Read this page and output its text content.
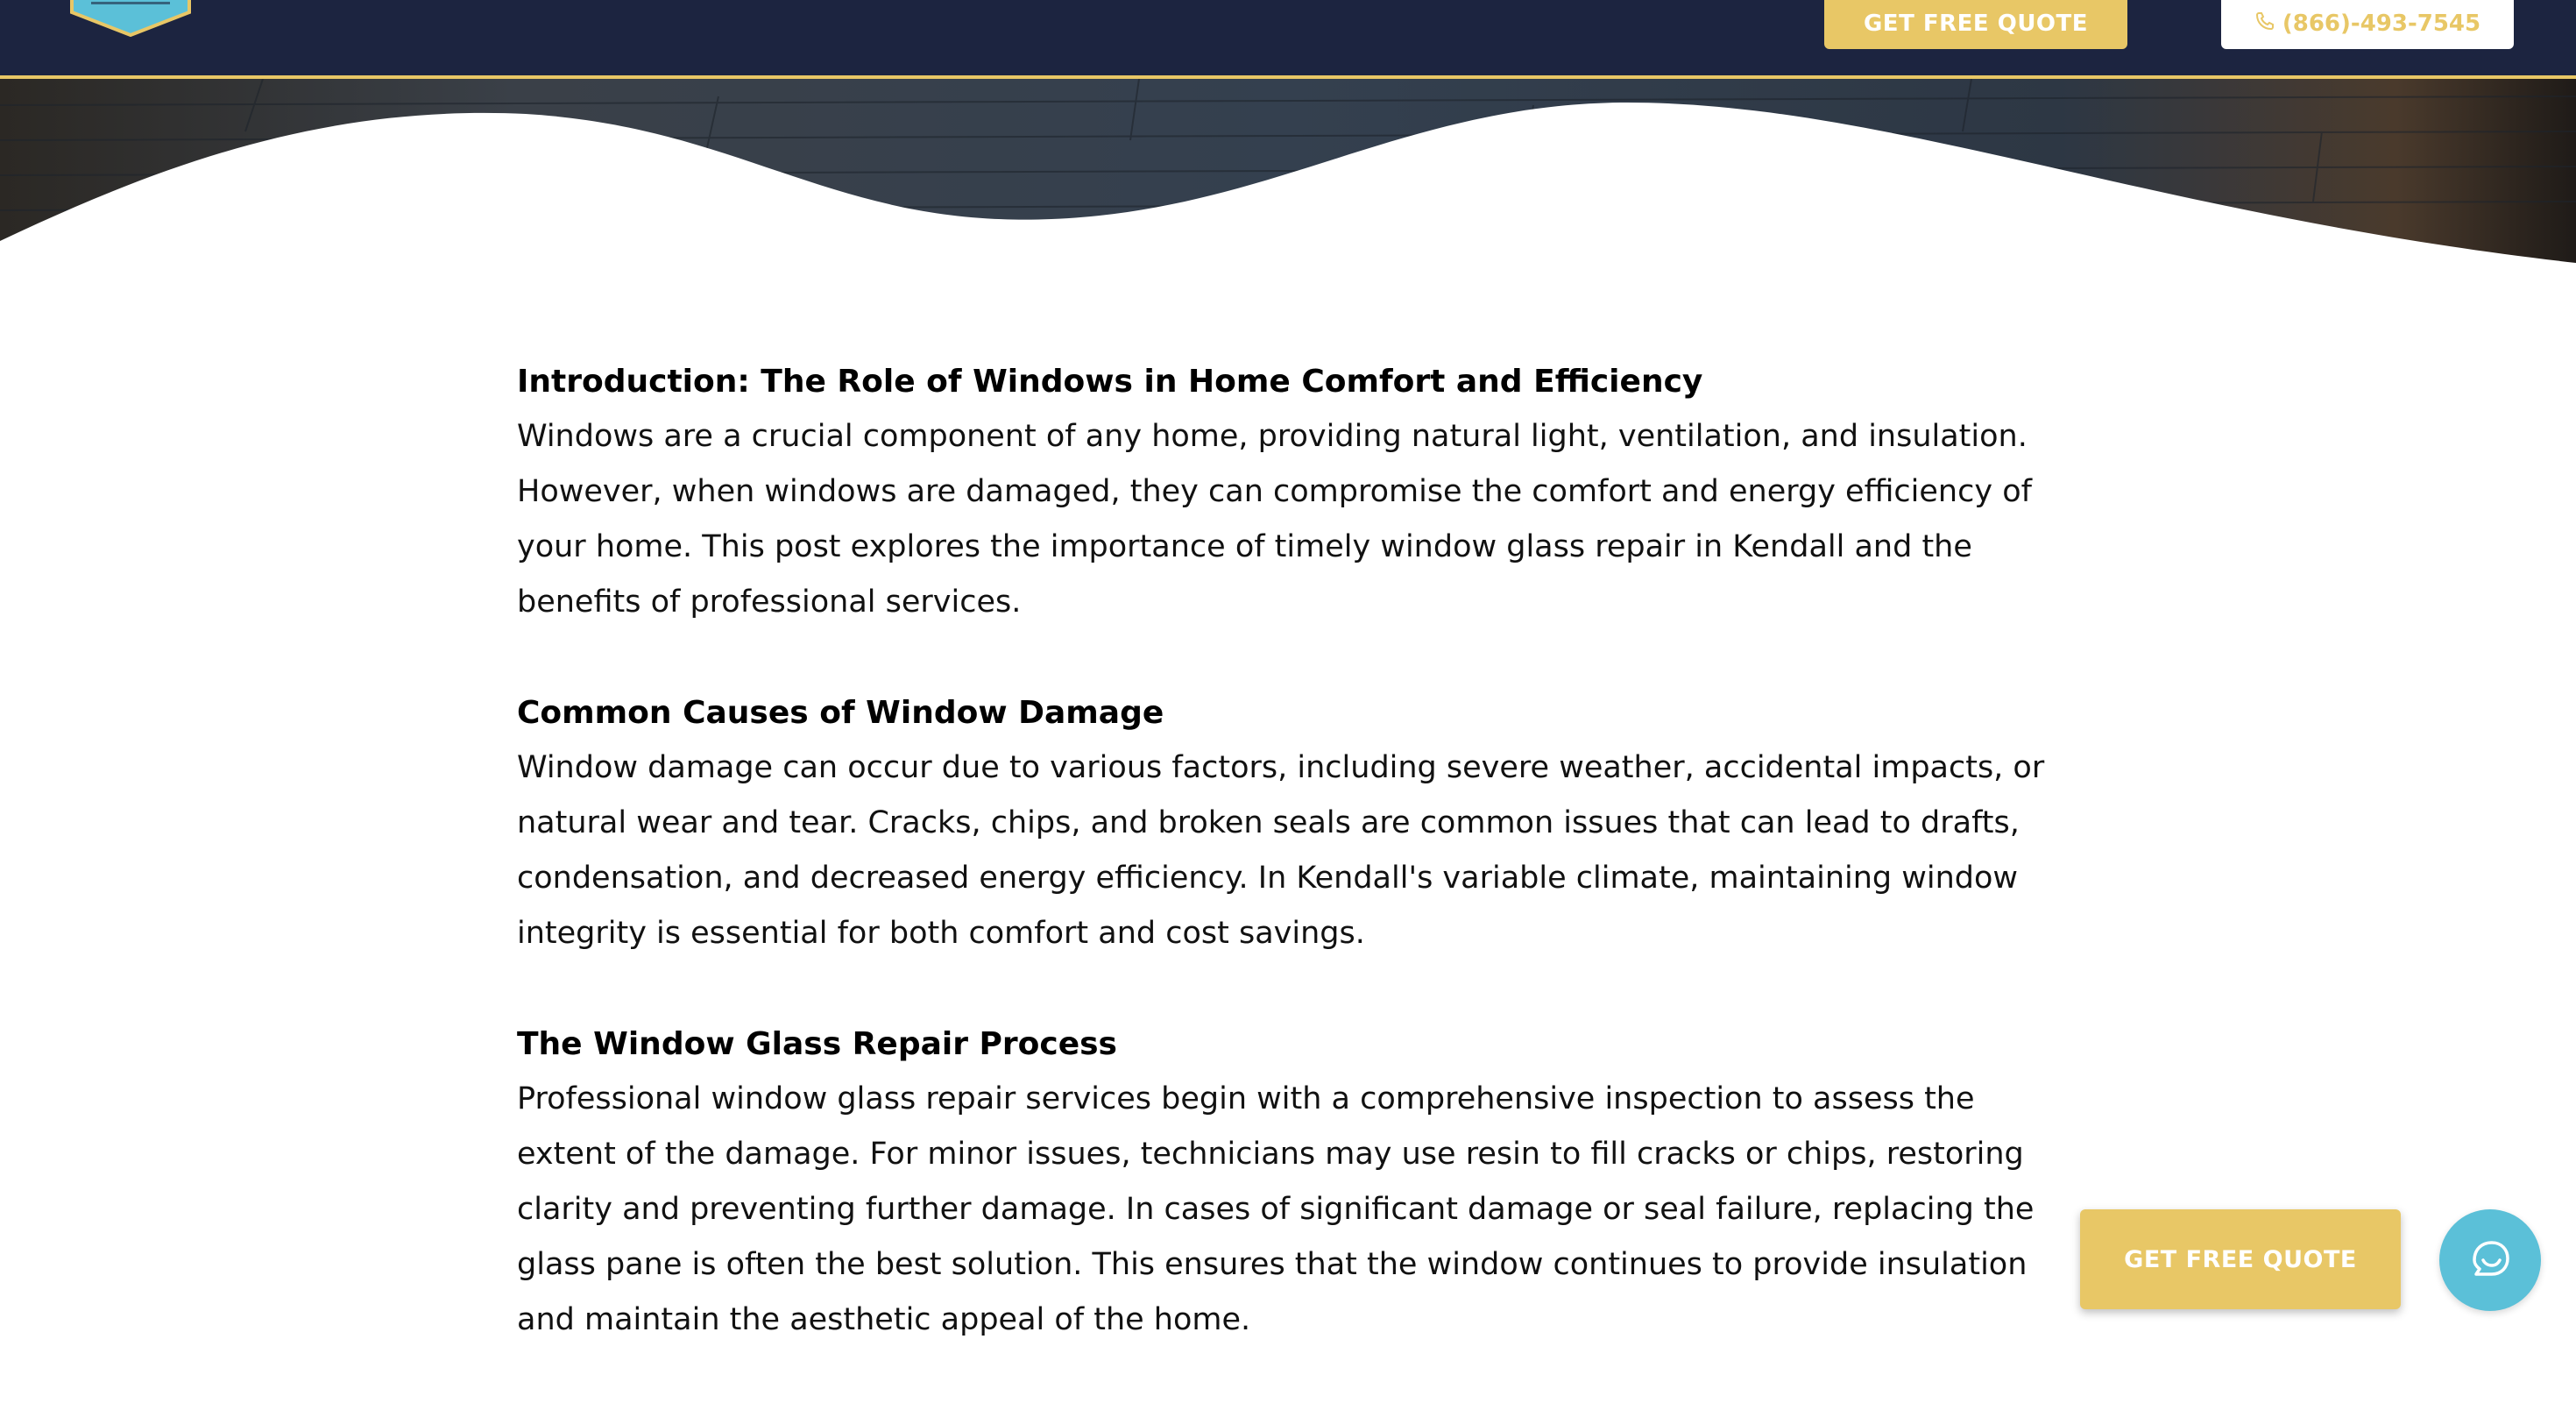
GET FREE QUOTE	(866)-493-7545
Introduction: The Role of Windows in Home Comfort and Efficiency

Windows are a crucial component of any home, providing natural light, ventilation, and insulation. However, when windows are damaged, they can compromise the comfort and energy efficiency of your home. This post explores the importance of timely window glass repair in Kendall and the benefits of professional services.

Common Causes of Window Damage

Window damage can occur due to various factors, including severe weather, accidental impacts, or natural wear and tear. Cracks, chips, and broken seals are common issues that can lead to drafts, condensation, and decreased energy efficiency. In Kendall's variable climate, maintaining window integrity is essential for both comfort and cost savings.

The Window Glass Repair Process

Professional window glass repair services begin with a comprehensive inspection to assess the extent of the damage. For minor issues, technicians may use resin to fill cracks or chips, restoring clarity and preventing further damage. In cases of significant damage or seal failure, replacing the glass pane is often the best solution. This ensures that the window continues to provide insulation and maintain the aesthetic appeal of the home.

GET FREE QUOTE
